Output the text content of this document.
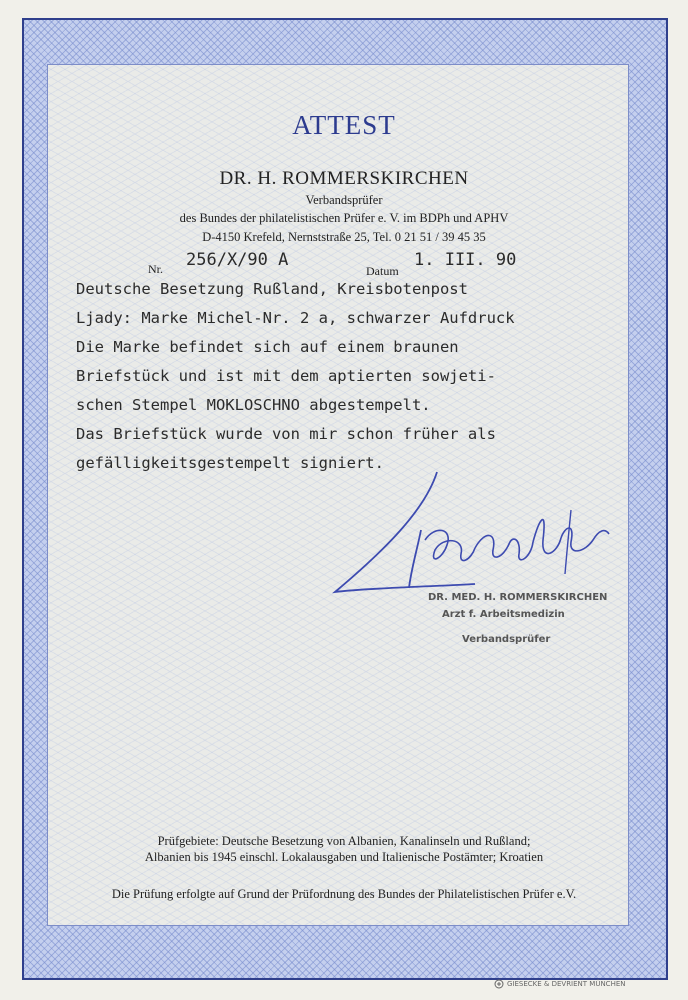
ATTEST
DR. H. ROMMERSKIRCHEN
Verbandsprüfer
des Bundes der philatelistischen Prüfer e. V. im BDPh und APHV
D-4150 Krefeld, Nernststraße 25, Tel. 0 21 51 / 39 45 35
Nr. 256/X/90 A
Datum
1. III. 90
Deutsche Besetzung Rußland, Kreisbotenpost
Ljady: Marke Michel-Nr. 2 a, schwarzer Aufdruck
Die Marke befindet sich auf einem braunen
Briefstück und ist mit dem aptierten sowjeti-
schen Stempel MOKLOSCHNO abgestempelt.
Das Briefstück wurde von mir schon früher als
gefälligkeitsgestempelt signiert.
DR. MED. H. ROMMERSKIRCHEN
Arzt f. Arbeitsmedizin
Verbandsprüfer
Prüfgebiete: Deutsche Besetzung von Albanien, Kanalinseln und Rußland;
Albanien bis 1945 einschl. Lokalausgaben und Italienische Postämter; Kroatien
Die Prüfung erfolgte auf Grund der Prüfordnung des Bundes der Philatelistischen Prüfer e.V.
GIESECKE & DEVRIENT MÜNCHEN
